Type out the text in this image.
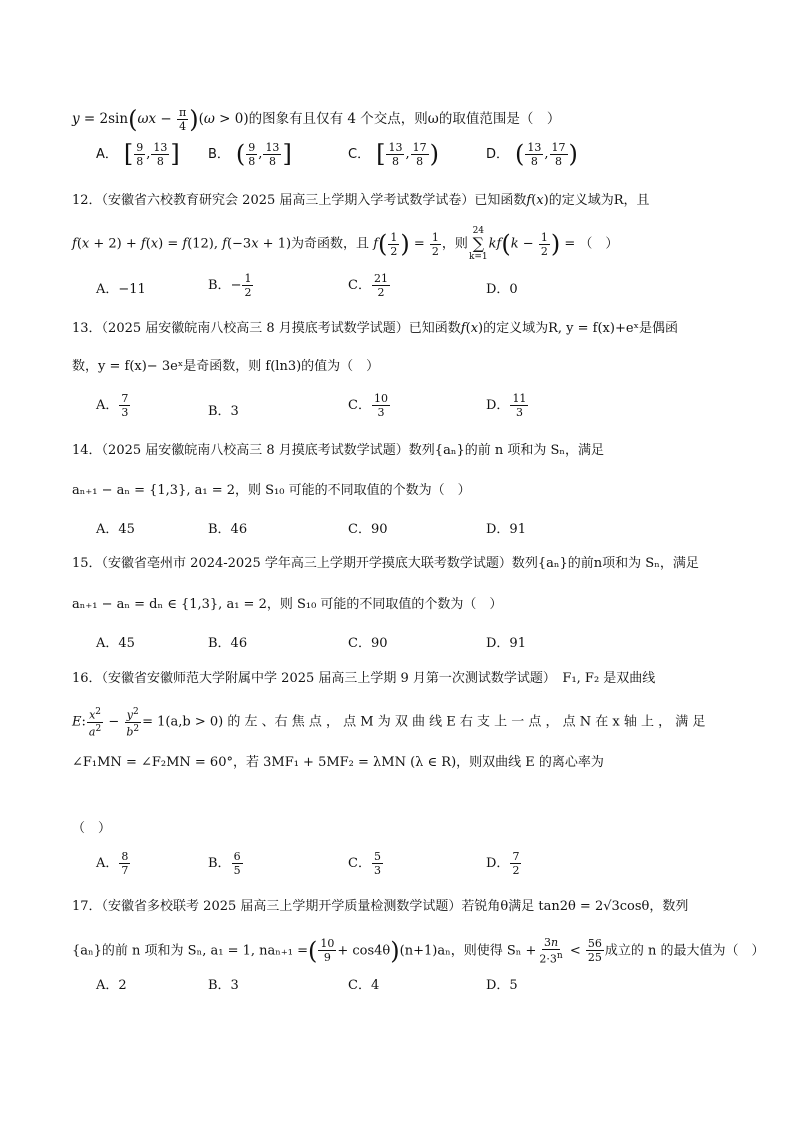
$y = 2\sin(\omega x - \frac{\pi}{4} )(\omega > 0)$的图象有且仅有 4 个交点，则ω的取值范围是（　）
A． [ $\frac{9}{8}$ , $\frac{13}{8}$ ] B． ( $\frac{9}{8}$ , $\frac{13}{8}$ ]	C． [ $\frac{13}{8}$ , $\frac{17}{8}$ )	D． ( $\frac{13}{8}$ , $\frac{17}{8}$ )
12．（安徽省六校教育研究会 2025 届高三上学期入学考试数学试卷）已知函数f(x)的定义域为R，且
f(x + 2) + f(x) = f(12), f(−3x + 1)为奇函数，且 $f( \frac{1}{2}$ ) = $\frac{1}{2}$ ，则
24
∑
k=1
$kf(k - \frac{1}{2}$ ) = （　）
A．−11	B．− $\frac{1}{2}$	C． $\frac{21}{2}$	D．0
13．（2025 届安徽皖南八校高三 8 月摸底考试数学试题）已知函数f(x)的定义域为R, y = f(x)+eˣ是偶函
数，y = f(x)− 3eˣ是奇函数，则 f(ln3)的值为（　）
A． $\frac{7}{3}$	B．3	C． $\frac{10}{3}$	D． $\frac{11}{3}$
14．（2025 届安徽皖南八校高三 8 月摸底考试数学试题）数列{aₙ}的前 n 项和为 Sₙ，满足
aₙ₊₁ − aₙ = {1,3}, a₁ = 2，则 S₁₀ 可能的不同取值的个数为（　）
A．45	B．46	C．90	D．91
15．（安徽省亳州市 2024-2025 学年高三上学期开学摸底大联考数学试题）数列{aₙ}的前n项和为 Sₙ，满足
aₙ₊₁ − aₙ = dₙ ∈ {1,3}, a₁ = 2，则 S₁₀ 可能的不同取值的个数为（　）
A．45	B．46	C．90	D．91
16．（安徽省安徽师范大学附属中学 2025 届高三上学期 9 月第一次测试数学试题）　F₁, F₂ 是双曲线
E: $\frac{x^2}{a^2} - \frac{y^2}{b^2} = 1(a,b > 0)$ 的 左 、右 焦 点 ， 点 M 为 双 曲 线 E 右 支 上 一 点 ， 点 N 在 x 轴 上 ， 满 足
∠F₁MN = ∠F₂MN = 60°，若 3MF₁ + 5MF₂ = λMN (λ ∈ R)，则双曲线 E 的离心率为
（　）
A． $\frac{8}{7}$	B． $\frac{6}{5}$	C． $\frac{5}{3}$	D． $\frac{7}{2}$
17．（安徽省多校联考 2025 届高三上学期开学质量检测数学试题）若锐角θ满足 tan2θ = 2√3cosθ，数列
{aₙ}的前 n 项和为 Sₙ, a₁ = 1, naₙ₊₁ =( $\frac{10}{9} + \cos 4\theta)(n+1)a_n$，则使得 $S_n + \frac{3n}{2\cdot 3^n} < \frac{56}{25}$ 成立的 n 的最大值为（　）
A．2	B．3	C．4	D．5
